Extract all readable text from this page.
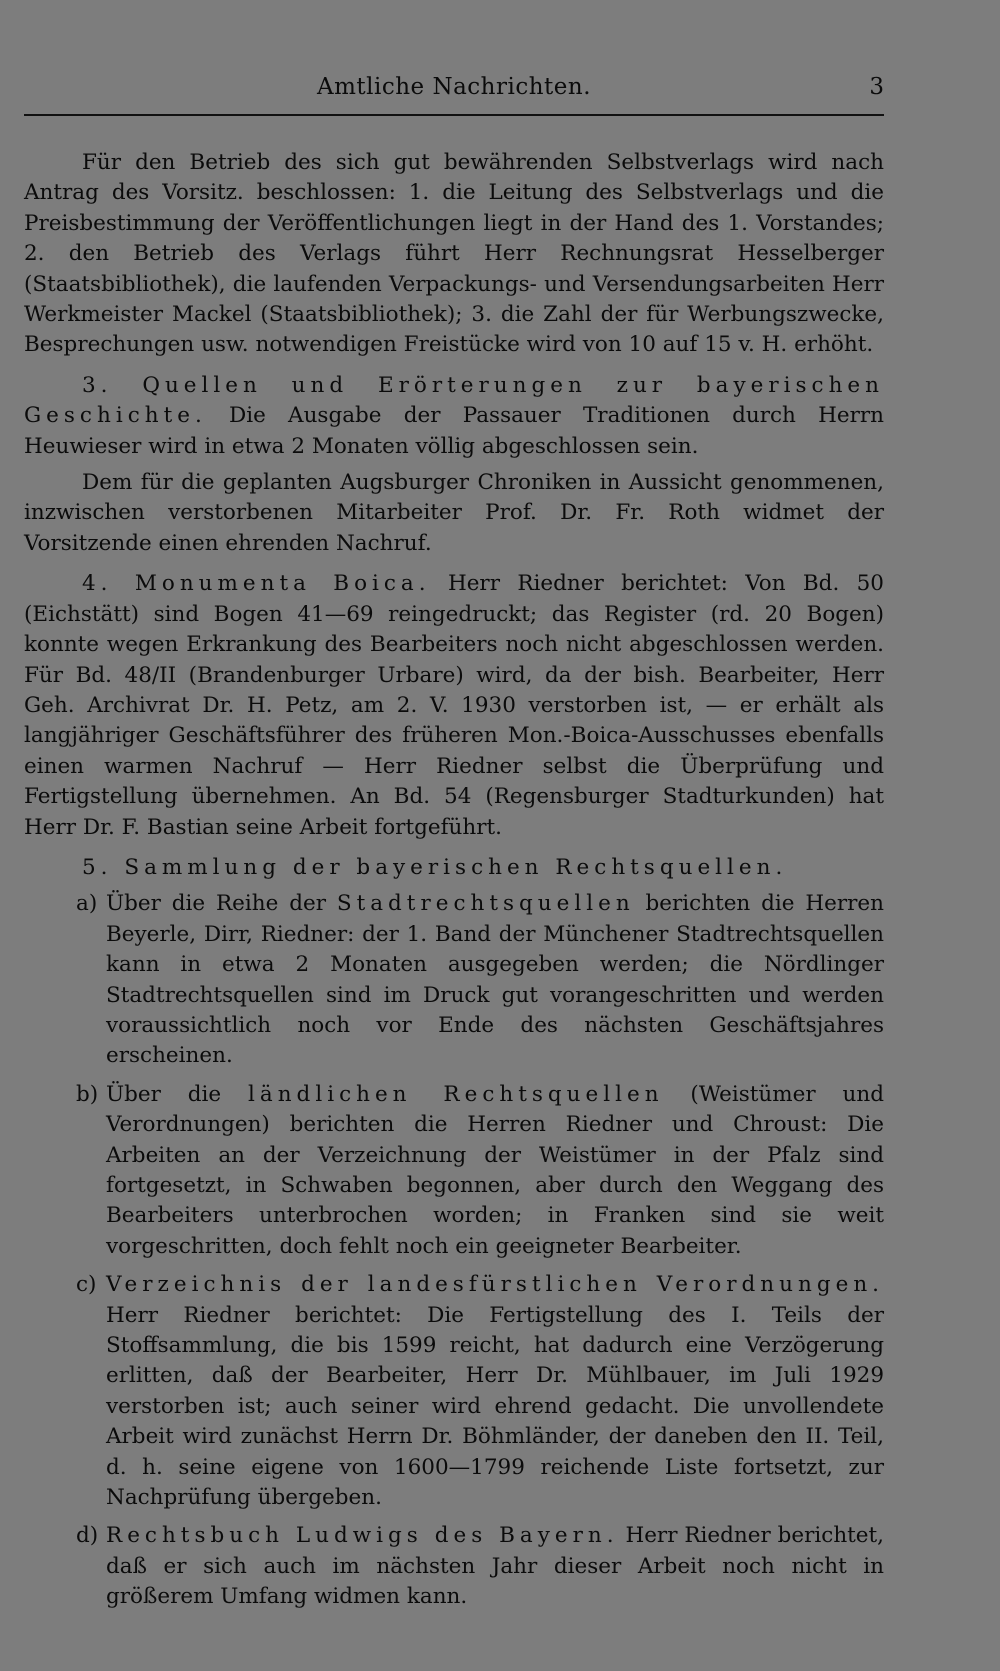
Amtliche Nachrichten.	3

Für den Betrieb des sich gut bewährenden Selbstverlags wird nach Antrag des Vorsitz. beschlossen: 1. die Leitung des Selbstverlags und die Preisbestimmung der Veröffentlichungen liegt in der Hand des 1. Vorstandes; 2. den Betrieb des Verlags führt Herr Rechnungsrat Hesselberger (Staatsbibliothek), die laufenden Verpackungs- und Versendungsarbeiten Herr Werkmeister Mackel (Staatsbibliothek); 3. die Zahl der für Werbungszwecke, Besprechungen usw. notwendigen Freistücke wird von 10 auf 15 v. H. erhöht.

3. Quellen und Erörterungen zur bayerischen Geschichte. Die Ausgabe der Passauer Traditionen durch Herrn Heuwieser wird in etwa 2 Monaten völlig abgeschlossen sein.

Dem für die geplanten Augsburger Chroniken in Aussicht genommenen, inzwischen verstorbenen Mitarbeiter Prof. Dr. Fr. Roth widmet der Vorsitzende einen ehrenden Nachruf.

4. Monumenta Boica. Herr Riedner berichtet: Von Bd. 50 (Eichstätt) sind Bogen 41—69 reingedruckt; das Register (rd. 20 Bogen) konnte wegen Erkrankung des Bearbeiters noch nicht abgeschlossen werden. Für Bd. 48/II (Brandenburger Urbare) wird, da der bish. Bearbeiter, Herr Geh. Archivrat Dr. H. Petz, am 2. V. 1930 verstorben ist, — er erhält als langjähriger Geschäftsführer des früheren Mon.-Boica-Ausschusses ebenfalls einen warmen Nachruf — Herr Riedner selbst die Überprüfung und Fertigstellung übernehmen. An Bd. 54 (Regensburger Stadturkunden) hat Herr Dr. F. Bastian seine Arbeit fortgeführt.

5. Sammlung der bayerischen Rechtsquellen.

a) Über die Reihe der Stadtrechtsquellen berichten die Herren Beyerle, Dirr, Riedner: der 1. Band der Münchener Stadtrechtsquellen kann in etwa 2 Monaten ausgegeben werden; die Nördlinger Stadtrechtsquellen sind im Druck gut vorangeschritten und werden voraussichtlich noch vor Ende des nächsten Geschäftsjahres erscheinen.

b) Über die ländlichen Rechtsquellen (Weistümer und Verordnungen) berichten die Herren Riedner und Chroust: Die Arbeiten an der Verzeichnung der Weistümer in der Pfalz sind fortgesetzt, in Schwaben begonnen, aber durch den Weggang des Bearbeiters unterbrochen worden; in Franken sind sie weit vorgeschritten, doch fehlt noch ein geeigneter Bearbeiter.

c) Verzeichnis der landesfürstlichen Verordnungen. Herr Riedner berichtet: Die Fertigstellung des I. Teils der Stoffsammlung, die bis 1599 reicht, hat dadurch eine Verzögerung erlitten, daß der Bearbeiter, Herr Dr. Mühlbauer, im Juli 1929 verstorben ist; auch seiner wird ehrend gedacht. Die unvollendete Arbeit wird zunächst Herrn Dr. Böhmländer, der daneben den II. Teil, d. h. seine eigene von 1600—1799 reichende Liste fortsetzt, zur Nachprüfung übergeben.

d) Rechtsbuch Ludwigs des Bayern. Herr Riedner berichtet, daß er sich auch im nächsten Jahr dieser Arbeit noch nicht in größerem Umfang widmen kann.
